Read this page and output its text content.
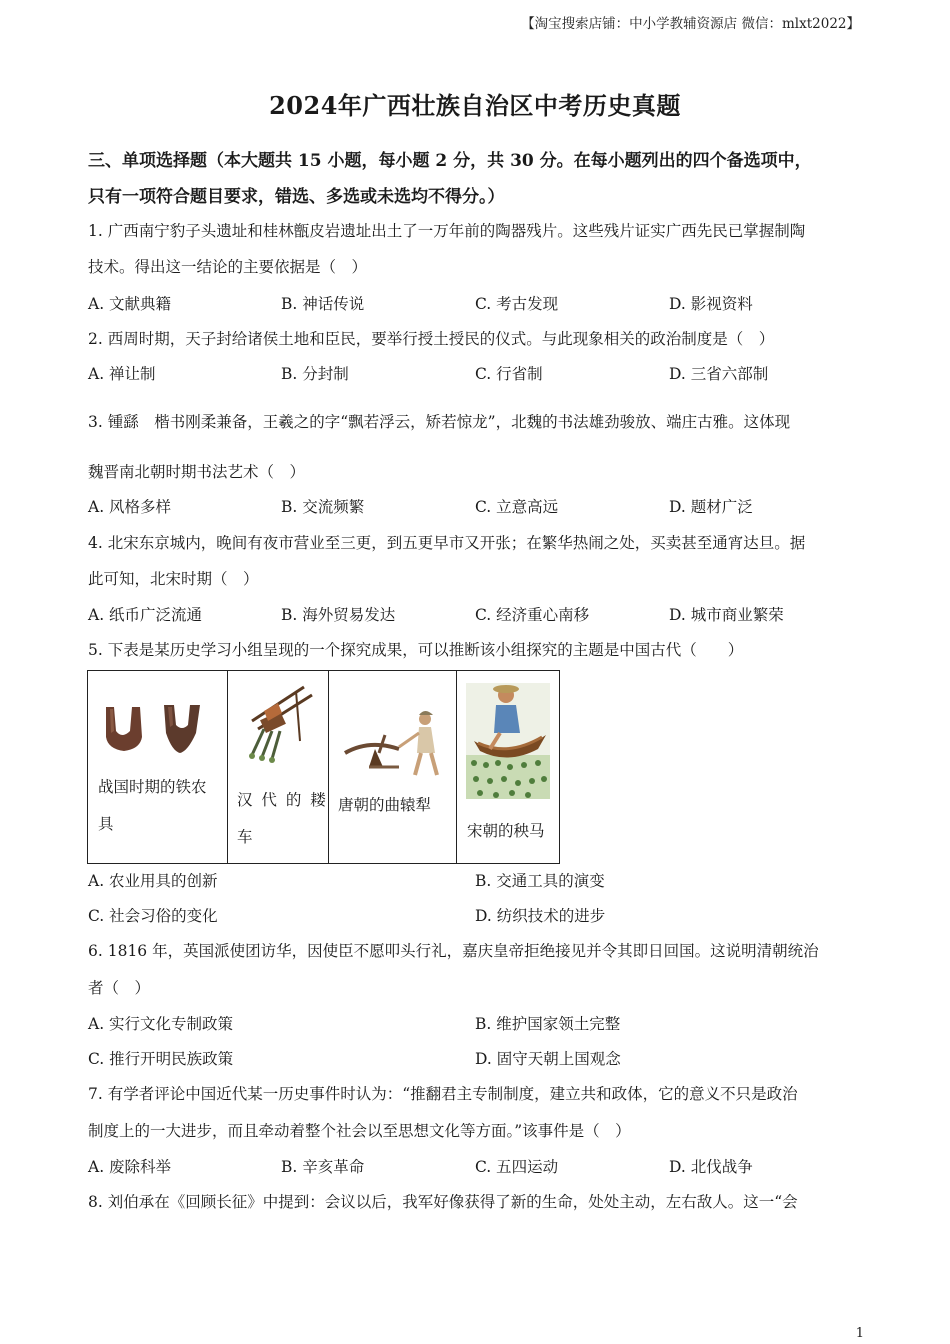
【淘宝搜索店铺：中小学教辅资源店 微信：mlxt2022】
2024年广西壮族自治区中考历史真题
三、单项选择题（本大题共 15 小题，每小题 2 分，共 30 分。在每小题列出的四个备选项中，
只有一项符合题目要求，错选、多选或未选均不得分。）
1. 广西南宁豹子头遗址和桂林甑皮岩遗址出土了一万年前的陶器残片。这些残片证实广西先民已掌握制陶
技术。得出这一结论的主要依据是（　）
A. 文献典籍	B. 神话传说	C. 考古发现	D. 影视资料
2. 西周时期，天子封给诸侯土地和臣民，要举行授土授民的仪式。与此现象相关的政治制度是（　）
A. 禅让制	B. 分封制	C. 行省制	D. 三省六部制
3. 锺繇　楷书刚柔兼备，王羲之的字“飘若浮云，矫若惊龙”，北魏的书法雄劲骏放、端庄古雅。这体现
魏晋南北朝时期书法艺术（　）
A. 风格多样	B. 交流频繁	C. 立意高远	D. 题材广泛
4. 北宋东京城内，晚间有夜市营业至三更，到五更早市又开张；在繁华热闹之处，买卖甚至通宵达旦。据
此可知，北宋时期（　）
A. 纸币广泛流通	B. 海外贸易发达	C. 经济重心南移	D. 城市商业繁荣
5. 下表是某历史学习小组呈现的一个探究成果，可以推断该小组探究的主题是中国古代（　　）
战国时期的铁农
具

汉 代 的 耧
车

唐朝的曲辕犁

宋朝的秧马
A. 农业用具的创新	B. 交通工具的演变
C. 社会习俗的变化	D. 纺织技术的进步
6. 1816 年，英国派使团访华，因使臣不愿叩头行礼，嘉庆皇帝拒绝接见并令其即日回国。这说明清朝统治
者（　）
A. 实行文化专制政策	B. 维护国家领土完整
C. 推行开明民族政策	D. 固守天朝上国观念
7. 有学者评论中国近代某一历史事件时认为：“推翻君主专制制度，建立共和政体，它的意义不只是政治
制度上的一大进步，而且牵动着整个社会以至思想文化等方面。”该事件是（　）
A. 废除科举	B. 辛亥革命	C. 五四运动	D. 北伐战争
8. 刘伯承在《回顾长征》中提到：会议以后，我军好像获得了新的生命，处处主动，左右敌人。这一“会
1
